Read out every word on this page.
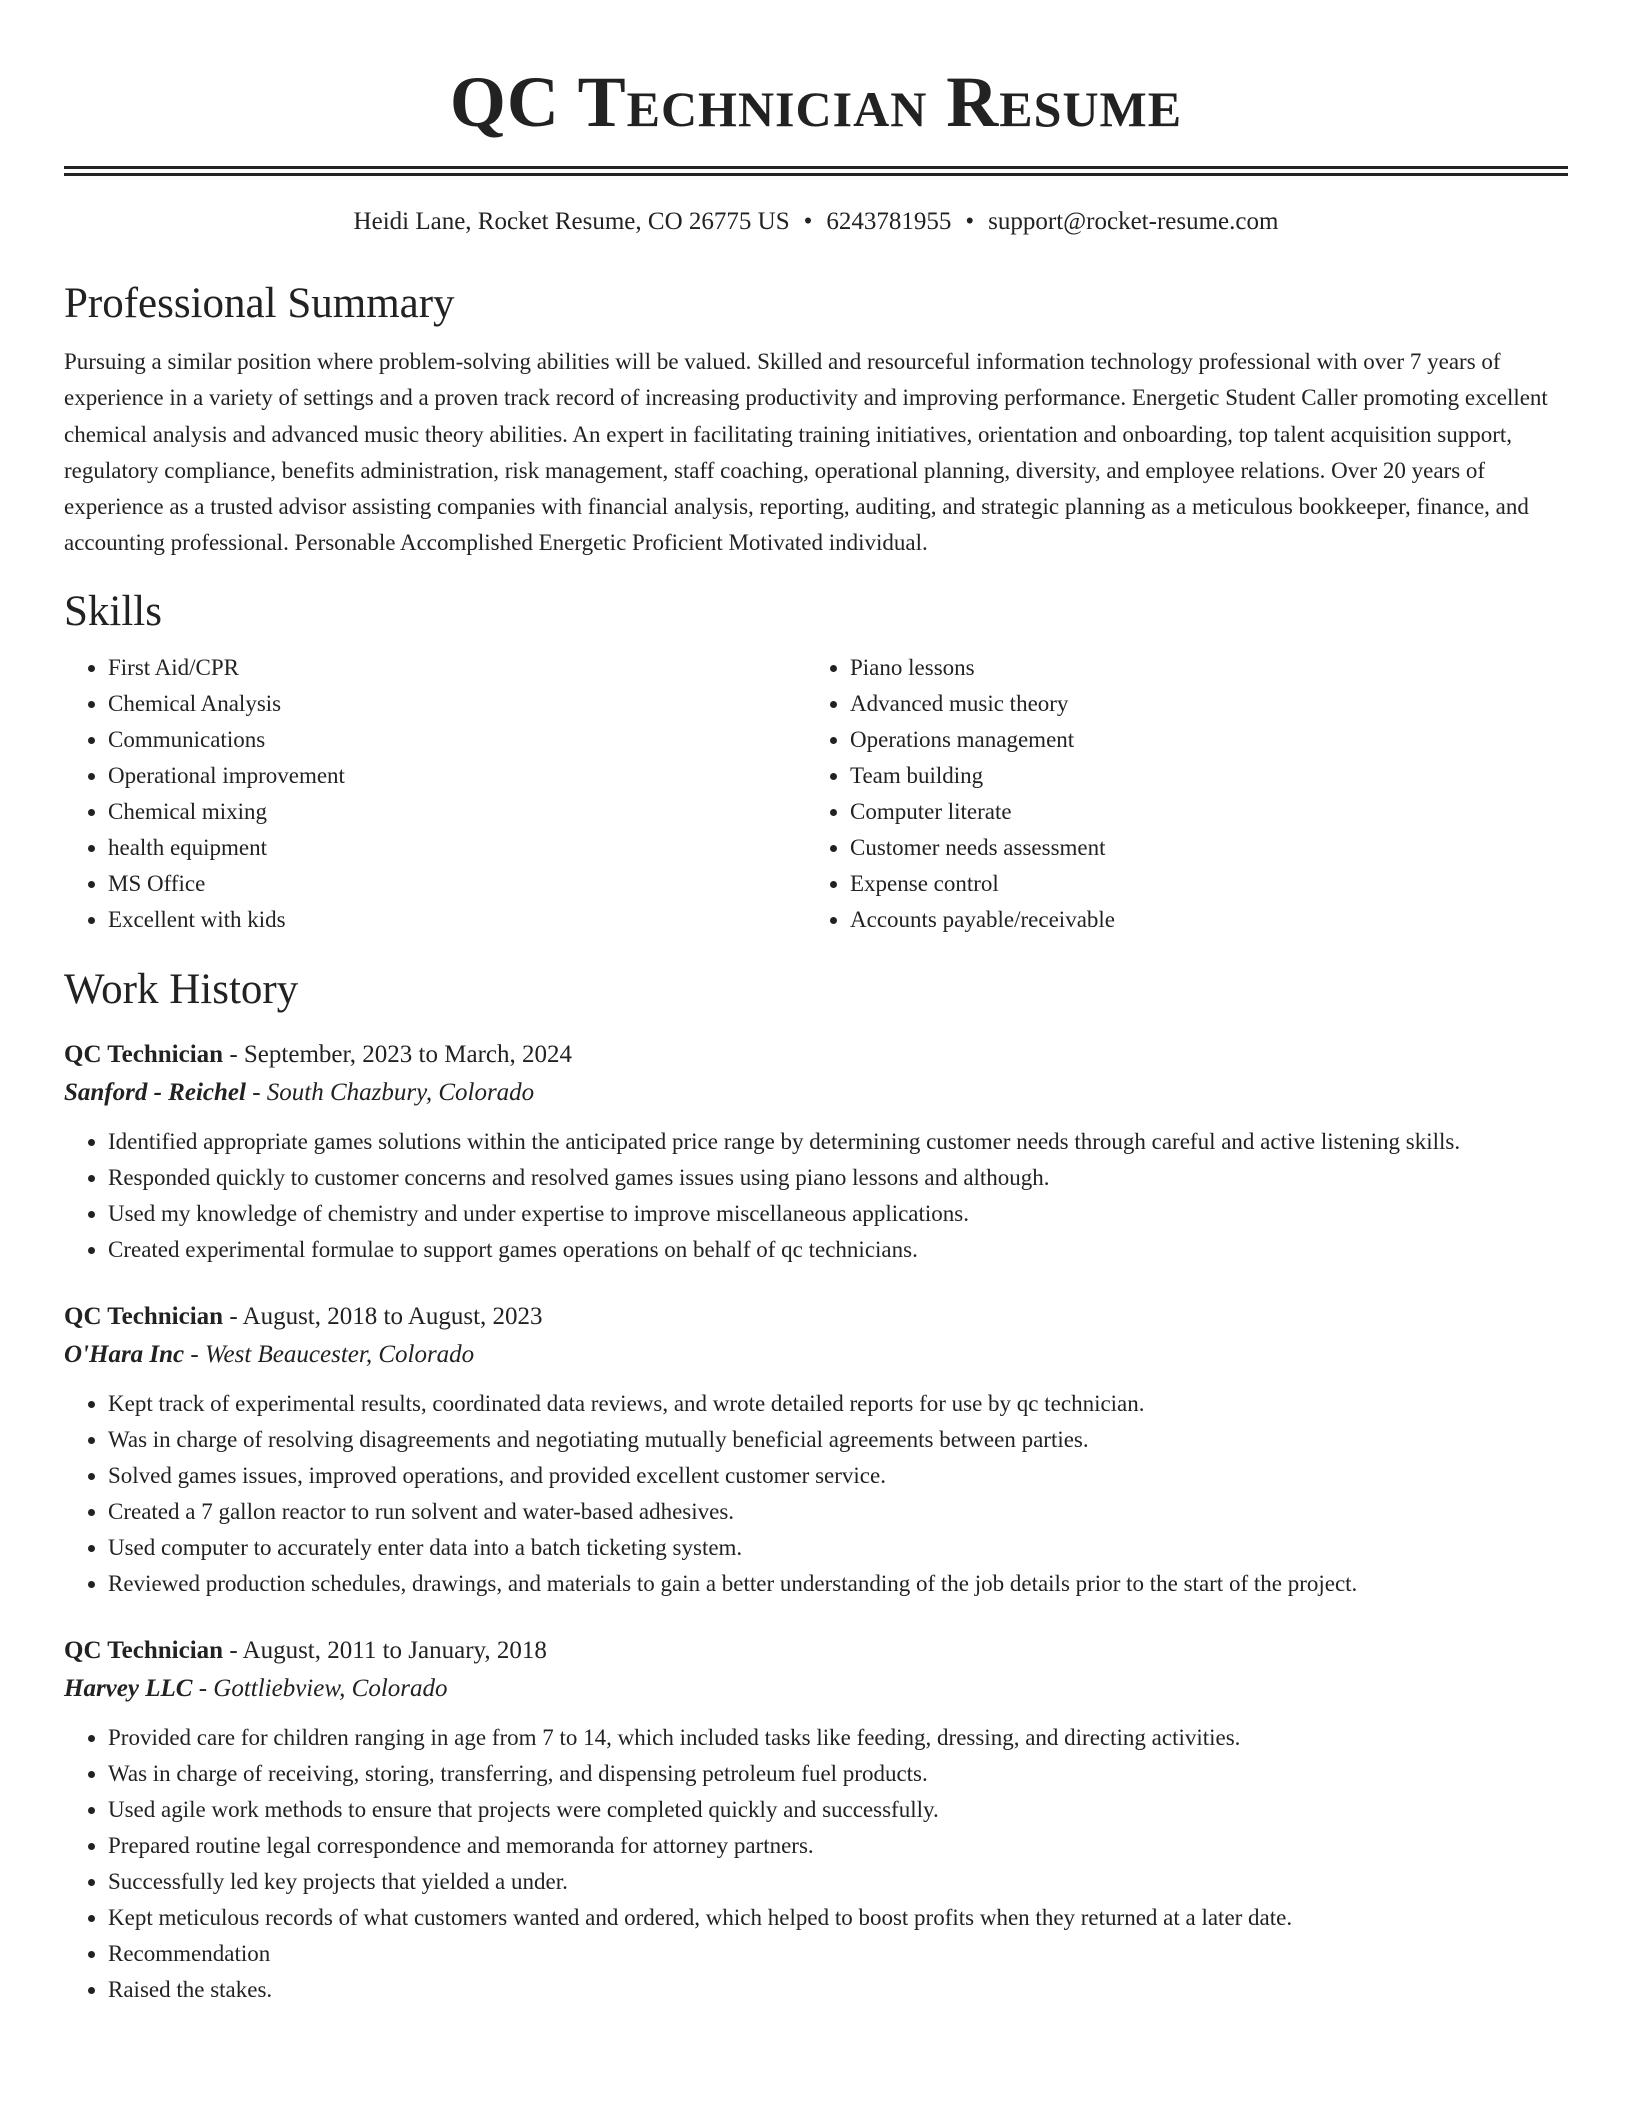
QC Technician Resume
Heidi Lane, Rocket Resume, CO 26775 US • 6243781955 • support@rocket-resume.com
Professional Summary

Pursuing a similar position where problem-solving abilities will be valued. Skilled and resourceful information technology professional with over 7 years of experience in a variety of settings and a proven track record of increasing productivity and improving performance. Energetic Student Caller promoting excellent chemical analysis and advanced music theory abilities. An expert in facilitating training initiatives, orientation and onboarding, top talent acquisition support, regulatory compliance, benefits administration, risk management, staff coaching, operational planning, diversity, and employee relations. Over 20 years of experience as a trusted advisor assisting companies with financial analysis, reporting, auditing, and strategic planning as a meticulous bookkeeper, finance, and accounting professional. Personable Accomplished Energetic Proficient Motivated individual.

Skills
• First Aid/CPR
• Chemical Analysis
• Communications
• Operational improvement
• Chemical mixing
• health equipment
• MS Office
• Excellent with kids
• Piano lessons
• Advanced music theory
• Operations management
• Team building
• Computer literate
• Customer needs assessment
• Expense control
• Accounts payable/receivable
Work History
QC Technician - September, 2023 to March, 2024
Sanford - Reichel - South Chazbury, Colorado
• Identified appropriate games solutions within the anticipated price range by determining customer needs through careful and active listening skills.
• Responded quickly to customer concerns and resolved games issues using piano lessons and although.
• Used my knowledge of chemistry and under expertise to improve miscellaneous applications.
• Created experimental formulae to support games operations on behalf of qc technicians.
QC Technician - August, 2018 to August, 2023
O'Hara Inc - West Beaucester, Colorado
• Kept track of experimental results, coordinated data reviews, and wrote detailed reports for use by qc technician.
• Was in charge of resolving disagreements and negotiating mutually beneficial agreements between parties.
• Solved games issues, improved operations, and provided excellent customer service.
• Created a 7 gallon reactor to run solvent and water-based adhesives.
• Used computer to accurately enter data into a batch ticketing system.
• Reviewed production schedules, drawings, and materials to gain a better understanding of the job details prior to the start of the project.
QC Technician - August, 2011 to January, 2018
Harvey LLC - Gottliebview, Colorado
• Provided care for children ranging in age from 7 to 14, which included tasks like feeding, dressing, and directing activities.
• Was in charge of receiving, storing, transferring, and dispensing petroleum fuel products.
• Used agile work methods to ensure that projects were completed quickly and successfully.
• Prepared routine legal correspondence and memoranda for attorney partners.
• Successfully led key projects that yielded a under.
• Kept meticulous records of what customers wanted and ordered, which helped to boost profits when they returned at a later date.
• Recommendation
• Raised the stakes.
